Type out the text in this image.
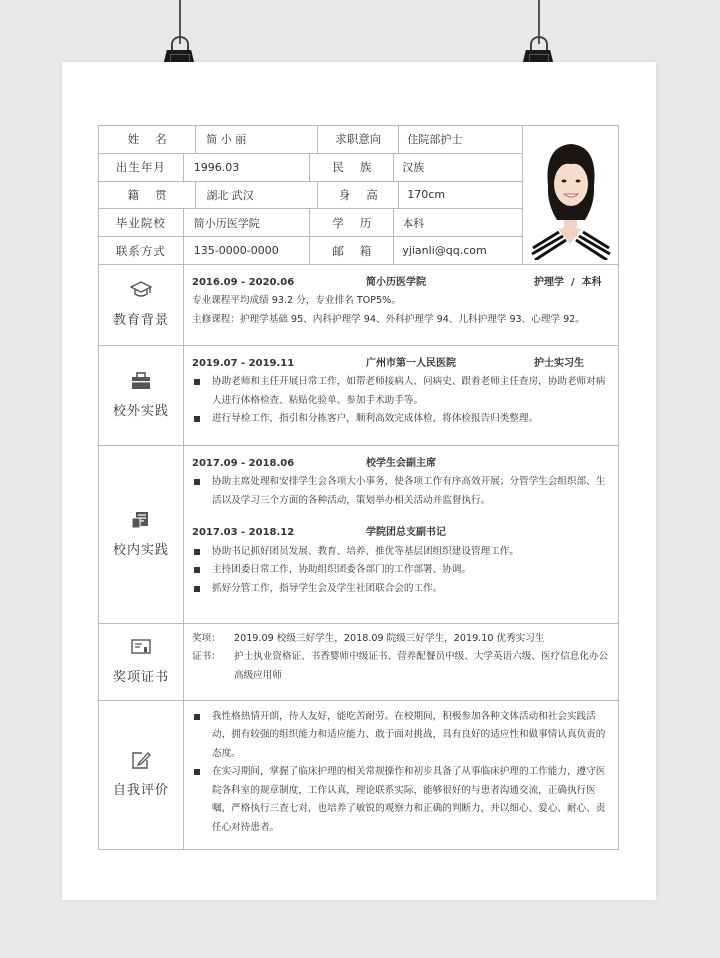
姓名	简 小 丽	求职意向	住院部护士
出生年月	1996.03	民族	汉族
籍贯	湖北 武汉	身高	170cm
毕业院校	简小历医学院	学历	本科
联系方式	135-0000-0000	邮箱	yjianli@qq.com
教育背景
2016.09 - 2020.06	简小历医学院	护理学  /  本科
专业课程平均成绩 93.2 分，专业排名 TOP5%。
主修课程：护理学基础 95、内科护理学 94、外科护理学 94、儿科护理学 93、心理学 92。
校外实践
2019.07 - 2019.11	广州市第一人民医院	护士实习生
协助老师和主任开展日常工作，如帮老师接病人、问病史、跟着老师主任查房，协助老师对病人进行体格检查、粘贴化验单、参加手术助手等。
进行导检工作，指引和分拣客户，顺利高效完成体检，将体检报告归类整理。
校内实践
2017.09 - 2018.06	校学生会副主席
协助主席处理和安排学生会各项大小事务，使各项工作有序高效开展；分管学生会组织部、生活以及学习三个方面的各种活动，策划举办相关活动并监督执行。
2017.03 - 2018.12	学院团总支副书记
协助书记抓好团员发展、教育、培养、推优等基层团组织建设管理工作。
主持团委日常工作，协助组织团委各部门的工作部署、协调。
抓好分管工作，指导学生会及学生社团联合会的工作。
奖项证书
奖项：	2019.09 校级三好学生，2018.09 院级三好学生，2019.10 优秀实习生
证书：	护士执业资格证、书香婴师中级证书、营养配餐员中级、大学英语六级、医疗信息化办公高级应用师
自我评价
我性格热情开朗，待人友好，能吃苦耐劳。在校期间，积极参加各种文体活动和社会实践活动，拥有较强的组织能力和适应能力、敢于面对挑战，具有良好的适应性和做事情认真负责的态度。
在实习期间，掌握了临床护理的相关常规操作和初步具备了从事临床护理的工作能力，遵守医院各科室的规章制度，工作认真，理论联系实际，能够很好的与患者沟通交流，正确执行医嘱，严格执行三查七对，也培养了敏锐的观察力和正确的判断力，并以细心、爱心、耐心、责任心对待患者。
